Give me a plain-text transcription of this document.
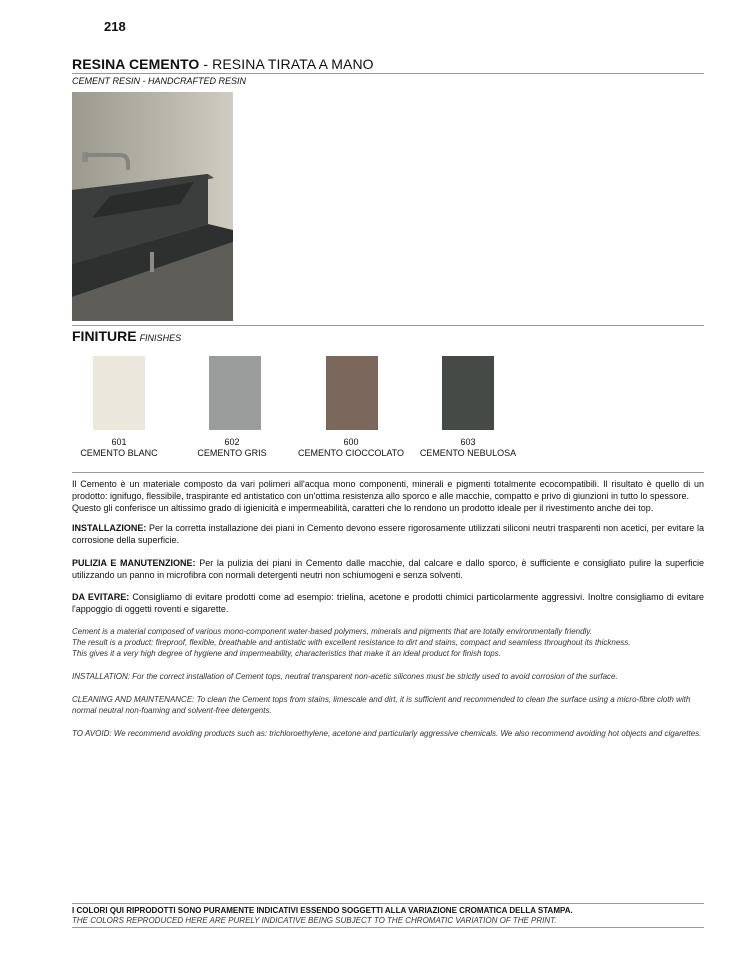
218
RESINA CEMENTO - RESINA TIRATA A MANO
CEMENT RESIN - HANDCRAFTED RESIN
FINITURE FINISHES
601
CEMENTO BLANC
602
CEMENTO GRIS
600
CEMENTO CIOCCOLATO
603
CEMENTO NEBULOSA
Il Cemento è un materiale composto da vari polimeri all'acqua mono componenti, minerali e pigmenti totalmente ecocompatibili. Il risultato è quello di un prodotto: ignifugo, flessibile, traspirante ed antistatico con un'ottima resistenza allo sporco e alle macchie, compatto e privo di giunzioni in tutto lo spessore.
Questo gli conferisce un altissimo grado di igienicità e impermeabilità, caratteri che lo rendono un prodotto ideale per il rivestimento anche dei top.
INSTALLAZIONE: Per la corretta installazione dei piani in Cemento devono essere rigorosamente utilizzati siliconi neutri trasparenti non acetici, per evitare la corrosione della superficie.
PULIZIA E MANUTENZIONE: Per la pulizia dei piani in Cemento dalle macchie, dal calcare e dallo sporco, è sufficiente e consigliato pulire la superficie utilizzando un panno in microfibra con normali detergenti neutri non schiumogeni e senza solventi.
DA EVITARE: Consigliamo di evitare prodotti come ad esempio: trielina, acetone e prodotti chimici particolarmente aggressivi. Inoltre consigliamo di evitare l'appoggio di oggetti roventi e sigarette.
Cement is a material composed of various mono-component water-based polymers, minerals and pigments that are totally environmentally friendly.
The result is a product: fireproof, flexible, breathable and antistatic with excellent resistance to dirt and stains, compact and seamless throughout its thickness.
This gives it a very high degree of hygiene and impermeability, characteristics that make it an ideal product for finish tops.
INSTALLATION: For the correct installation of Cement tops, neutral transparent non-acetic silicones must be strictly used to avoid corrosion of the surface.
CLEANING AND MAINTENANCE: To clean the Cement tops from stains, limescale and dirt, it is sufficient and recommended to clean the surface using a micro-fibre cloth with normal neutral non-foaming and solvent-free detergents.
TO AVOID: We recommend avoiding products such as: trichloroethylene, acetone and particularly aggressive chemicals. We also recommend avoiding hot objects and cigarettes.
I COLORI QUI RIPRODOTTI SONO PURAMENTE INDICATIVI ESSENDO SOGGETTI ALLA VARIAZIONE CROMATICA DELLA STAMPA.
THE COLORS REPRODUCED HERE ARE PURELY INDICATIVE BEING SUBJECT TO THE CHROMATIC VARIATION OF THE PRINT.
